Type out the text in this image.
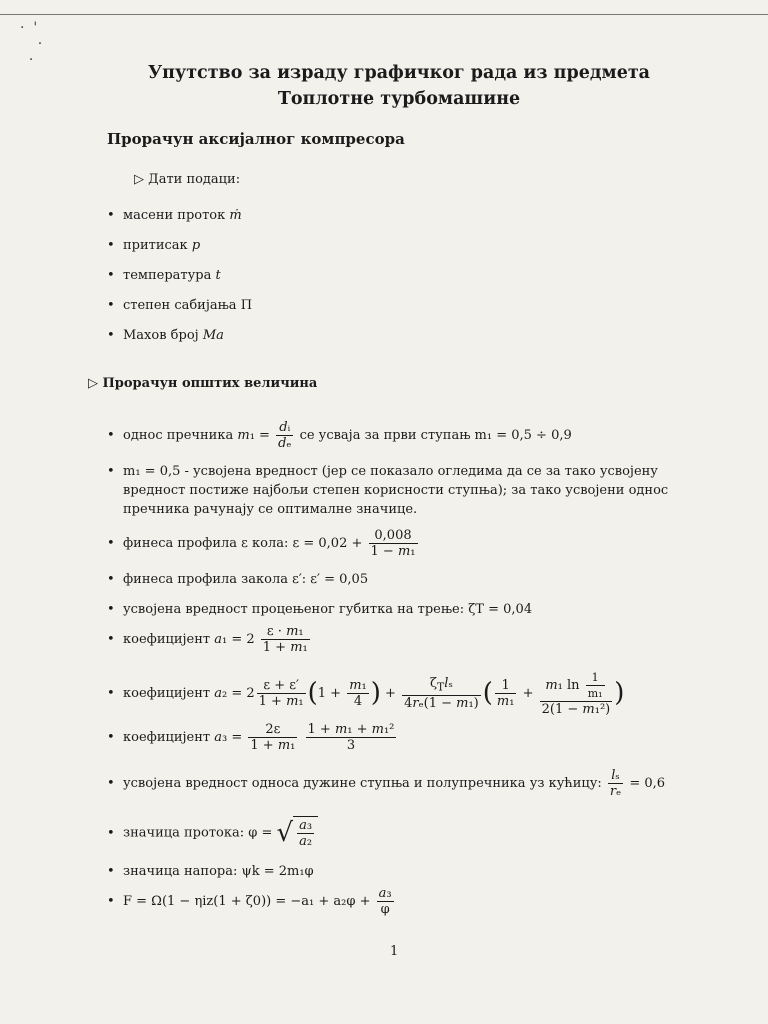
·  '
·
·
Упутство за израду графичког рада из предмета
Топлотне турбомашине
Прорачун аксијалног компресора
▷ Дати подаци:
• масени проток ṁ
• притисак p
• температура t
• степен сабијања Π
• Махов број Ma
▷ Прорачун општих величина
• однос пречника $m_1 = \frac{\text{dᵢ}}{\text{dₑ}}$ се усваја за први ступањ m₁ = 0,5 ÷ 0,9
• m₁ = 0,5 - усвојена вредност (јер се показало огледима да се за тако усвојену вредност постиже најбољи степен корисности ступња); за тако усвојени однос пречника рачунају се оптималне значице.
• финеса профила ε кола: $\varepsilon = 0,02 + \frac{0,008}{\text{1 − m₁}}$
• финеса профила закола ε′: ε′ = 0,05
• усвојена вредност процењеног губитка на трење: ζT = 0,04
• коефицијент $a_1 = 2 \frac{\text{ε · m₁}}{\text{1 + m₁}}$
• коефицијент $a_2 = 2 \frac{\varepsilon + \varepsilon'}{\text{1 + m₁}} (1 + \frac{\text{m₁}}{4}$ ) + $\frac{\zeta_Tl_s}{\text{4rₑ(1 − m₁)}}$ ( $\frac{1}{\text{m₁}} + \frac{m_1 \ln \frac{1}{\text{m₁}}}{\text{2(1 − m₁²)}}$ )
• коефицијент $a_3 = \frac{2\varepsilon}{\text{1 + m₁}}$
$\frac{\text{1 + m₁ + m₁²}}{3}$
• усвојена вредност односа дужине ступња и полупречника уз кућицу: $\frac{\text{lₛ}}{\text{rₑ}} = 0,6$
• значица протока: φ = √ $\frac{\text{a₃}}{\text{a₂}}$
• значица напора: ψk = 2m₁φ
• $F = \Omega(1 - \eta iz(1 + \zeta 0)) = -a_1 + a_2\varphi + \frac{\text{a₃}}{\varphi}$
1
